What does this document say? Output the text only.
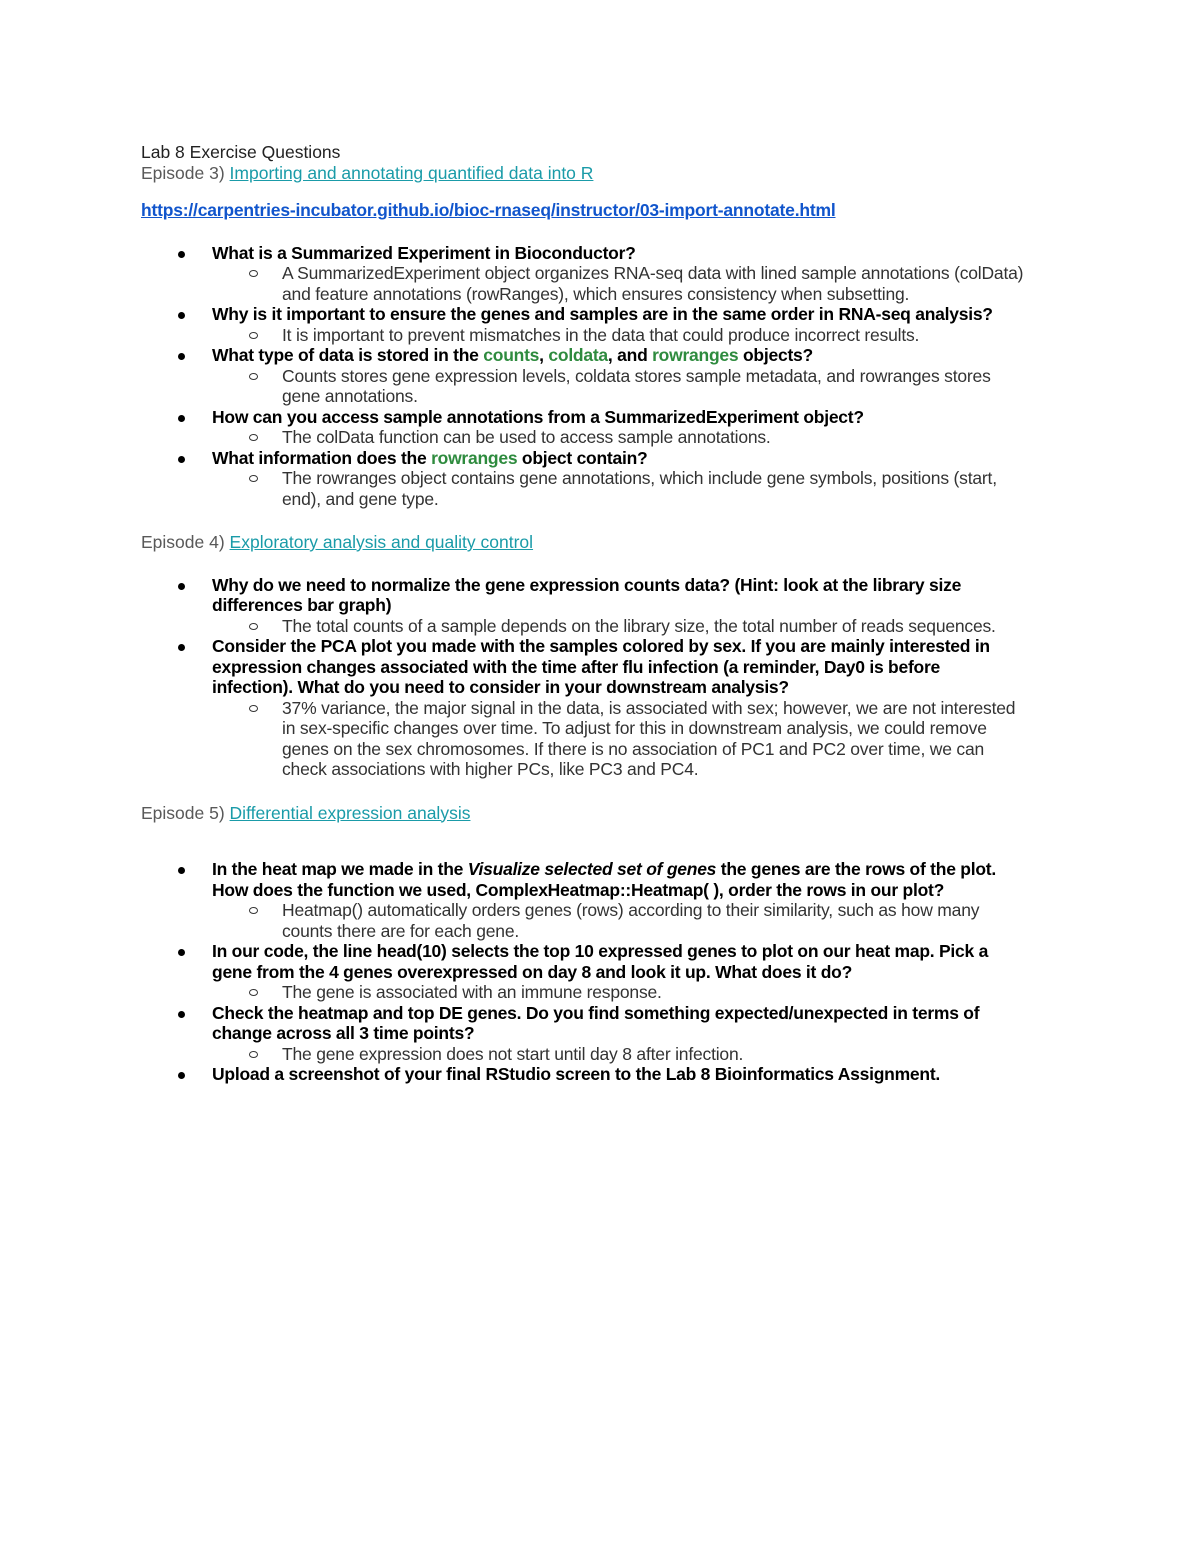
Lab 8 Exercise Questions
Episode 3) Importing and annotating quantified data into R
https://carpentries-incubator.github.io/bioc-rnaseq/instructor/03-import-annotate.html
What is a Summarized Experiment in Bioconductor?
A SummarizedExperiment object organizes RNA-seq data with lined sample annotations (colData)
and feature annotations (rowRanges), which ensures consistency when subsetting.
Why is it important to ensure the genes and samples are in the same order in RNA-seq analysis?
It is important to prevent mismatches in the data that could produce incorrect results.
What type of data is stored in the counts, coldata, and rowranges objects?
Counts stores gene expression levels, coldata stores sample metadata, and rowranges stores
gene annotations.
How can you access sample annotations from a SummarizedExperiment object?
The colData function can be used to access sample annotations.
What information does the rowranges object contain?
The rowranges object contains gene annotations, which include gene symbols, positions (start,
end), and gene type.
Episode 4) Exploratory analysis and quality control
Why do we need to normalize the gene expression counts data? (Hint: look at the library size
differences bar graph)
The total counts of a sample depends on the library size, the total number of reads sequences.
Consider the PCA plot you made with the samples colored by sex. If you are mainly interested in
expression changes associated with the time after flu infection (a reminder, Day0 is before
infection). What do you need to consider in your downstream analysis?
37% variance, the major signal in the data, is associated with sex; however, we are not interested
in sex-specific changes over time. To adjust for this in downstream analysis, we could remove
genes on the sex chromosomes. If there is no association of PC1 and PC2 over time, we can
check associations with higher PCs, like PC3 and PC4.
Episode 5) Differential expression analysis
In the heat map we made in the Visualize selected set of genes the genes are the rows of the plot.
How does the function we used, ComplexHeatmap::Heatmap( ), order the rows in our plot?
Heatmap() automatically orders genes (rows) according to their similarity, such as how many
counts there are for each gene.
In our code, the line head(10) selects the top 10 expressed genes to plot on our heat map. Pick a
gene from the 4 genes overexpressed on day 8 and look it up. What does it do?
The gene is associated with an immune response.
Check the heatmap and top DE genes. Do you find something expected/unexpected in terms of
change across all 3 time points?
The gene expression does not start until day 8 after infection.
Upload a screenshot of your final RStudio screen to the Lab 8 Bioinformatics Assignment.
